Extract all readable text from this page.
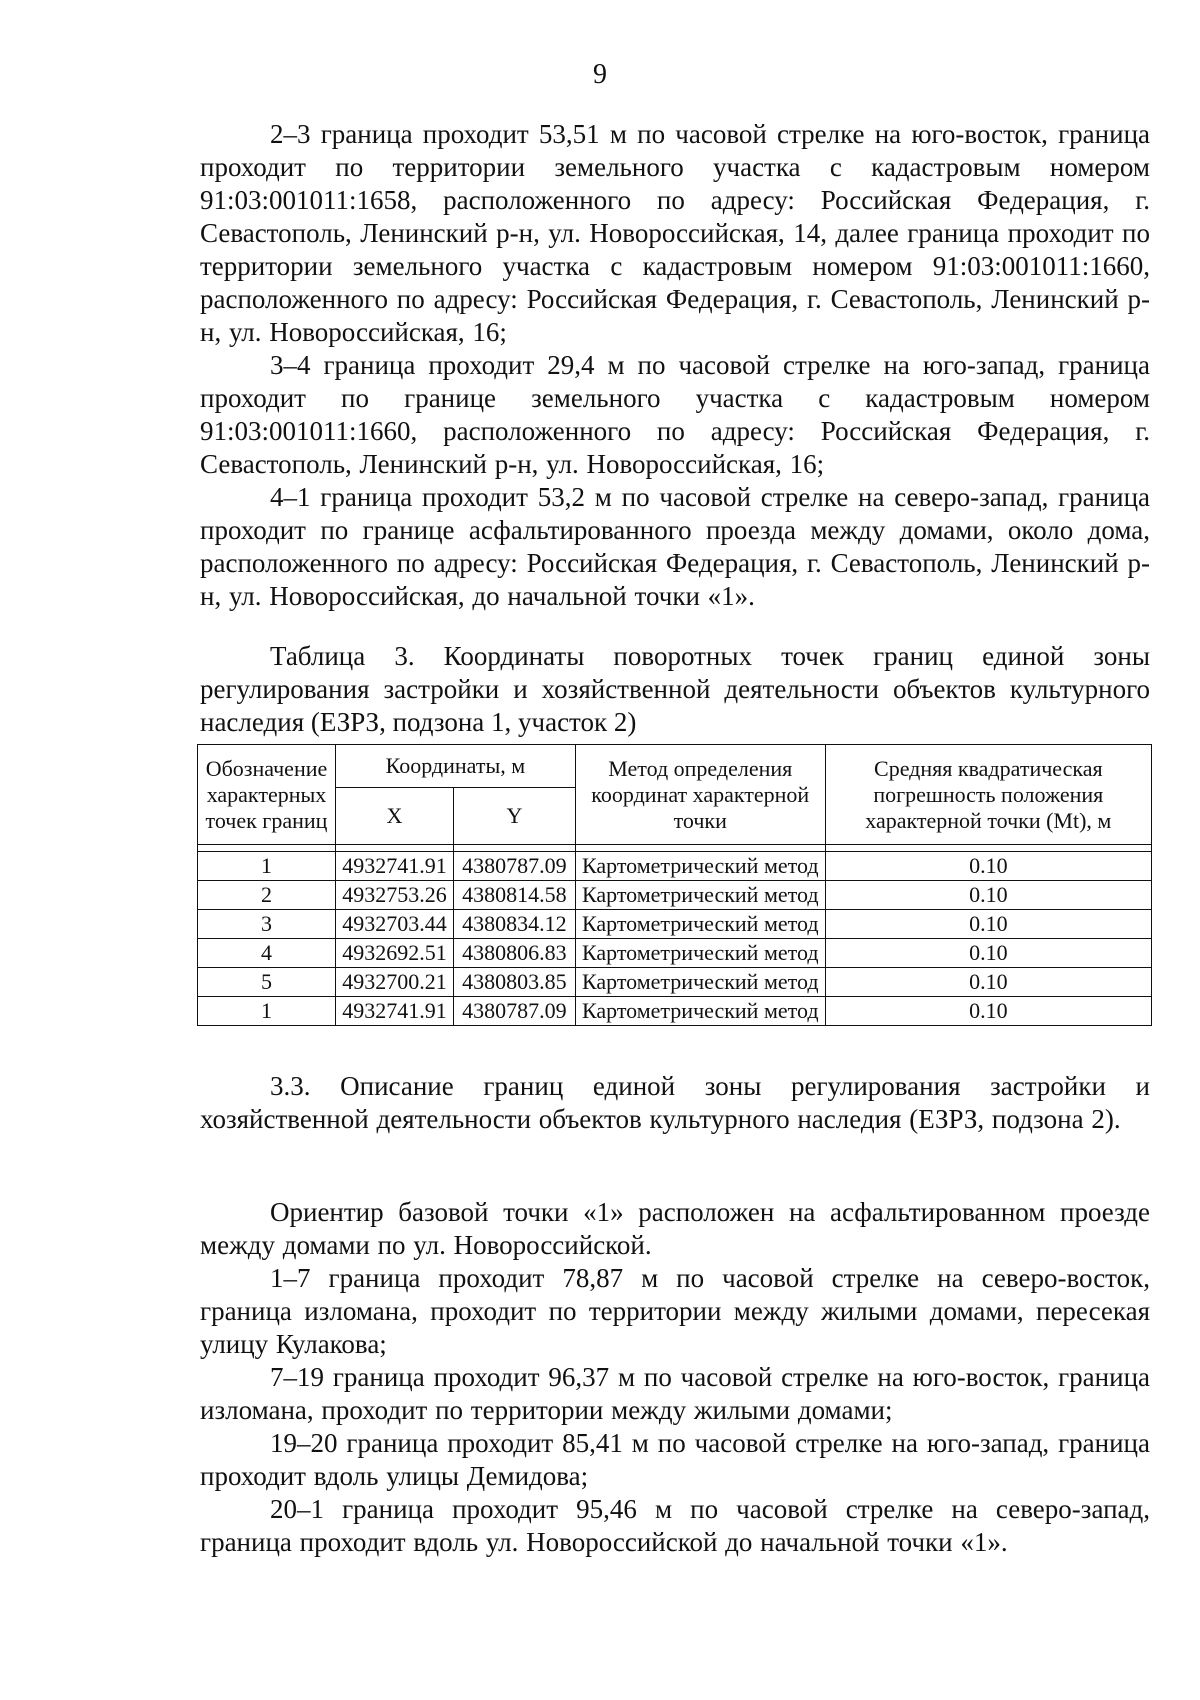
9

2–3 граница проходит 53,51 м по часовой стрелке на юго-восток, граница проходит по территории земельного участка с кадастровым номером 91:03:001011:1658, расположенного по адресу: Российская Федерация, г. Севастополь, Ленинский р-н, ул. Новороссийская, 14, далее граница проходит по территории земельного участка с кадастровым номером 91:03:001011:1660, расположенного по адресу: Российская Федерация, г. Севастополь, Ленинский р-н, ул. Новороссийская, 16;

3–4 граница проходит 29,4 м по часовой стрелке на юго-запад, граница проходит по границе земельного участка с кадастровым номером 91:03:001011:1660, расположенного по адресу: Российская Федерация, г. Севастополь, Ленинский р-н, ул. Новороссийская, 16;

4–1 граница проходит 53,2 м по часовой стрелке на северо-запад, граница проходит по границе асфальтированного проезда между домами, около дома, расположенного по адресу: Российская Федерация, г. Севастополь, Ленинский р-н, ул. Новороссийская, до начальной точки «1».

Таблица 3. Координаты поворотных точек границ единой зоны регулирования застройки и хозяйственной деятельности объектов культурного наследия (ЕЗРЗ, подзона 1, участок 2)

Обозначение характерных точек границ	Координаты, м		Метод определения координат характерной точки	Средняя квадратическая погрешность положения характерной точки (Mt), м
	X	Y		

1	4932741.91	4380787.09	Картометрический метод	0.10
2	4932753.26	4380814.58	Картометрический метод	0.10
3	4932703.44	4380834.12	Картометрический метод	0.10
4	4932692.51	4380806.83	Картометрический метод	0.10
5	4932700.21	4380803.85	Картометрический метод	0.10
1	4932741.91	4380787.09	Картометрический метод	0.10

3.3. Описание границ единой зоны регулирования застройки и хозяйственной деятельности объектов культурного наследия (ЕЗРЗ, подзона 2).

Ориентир базовой точки «1» расположен на асфальтированном проезде между домами по ул. Новороссийской.

1–7 граница проходит 78,87 м по часовой стрелке на северо-восток, граница изломана, проходит по территории между жилыми домами, пересекая улицу Кулакова;

7–19 граница проходит 96,37 м по часовой стрелке на юго-восток, граница изломана, проходит по территории между жилыми домами;

19–20 граница проходит 85,41 м по часовой стрелке на юго-запад, граница проходит вдоль улицы Демидова;

20–1 граница проходит 95,46 м по часовой стрелке на северо-запад, граница проходит вдоль ул. Новороссийской до начальной точки «1».
